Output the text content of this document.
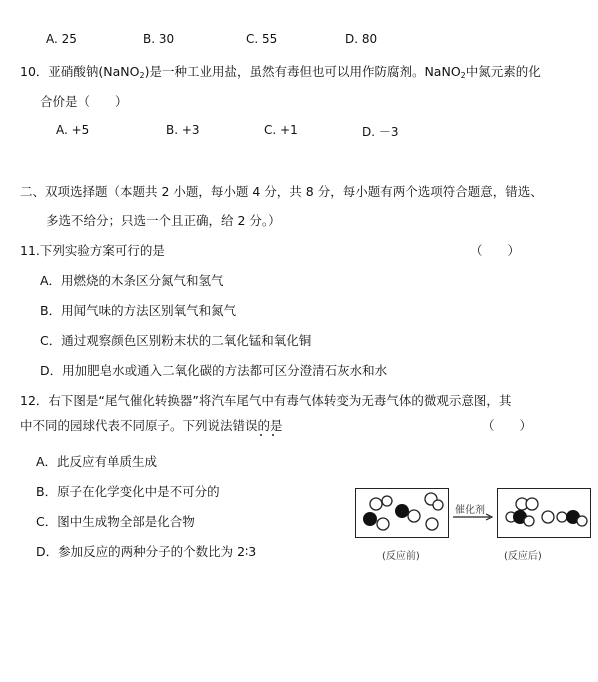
A. 25	B. 30	C. 55	D. 80
10．亚硝酸钠(NaNO$_2$)是一种工业用盐，虽然有毒但也可以用作防腐剂。NaNO$_2$中氮元素的化
合价是（　　）
A. +5	B. +3	C. +1	D. －3
二、双项选择题（本题共 2 小题，每小题 4 分，共 8 分，每小题有两个选项符合题意，错选、
多选不给分；只选一个且正确，给 2 分。）
11.下列实验方案可行的是	（　　）
A．用燃烧的木条区分氮气和氢气
B．用闻气味的方法区别氧气和氮气
C．通过观察颜色区别粉末状的二氧化锰和氧化铜
D．用加肥皂水或通入二氧化碳的方法都可区分澄清石灰水和水
12．右下图是“尾气催化转换器”将汽车尾气中有毒气体转变为无毒气体的微观示意图，其
中不同的园球代表不同原子。下列说法错误的是	（　　）
A．此反应有单质生成
B．原子在化学变化中是不可分的
C．图中生成物全部是化合物
D．参加反应的两种分子的个数比为 2∶3
催化剂
(反应前)	(反应后)
